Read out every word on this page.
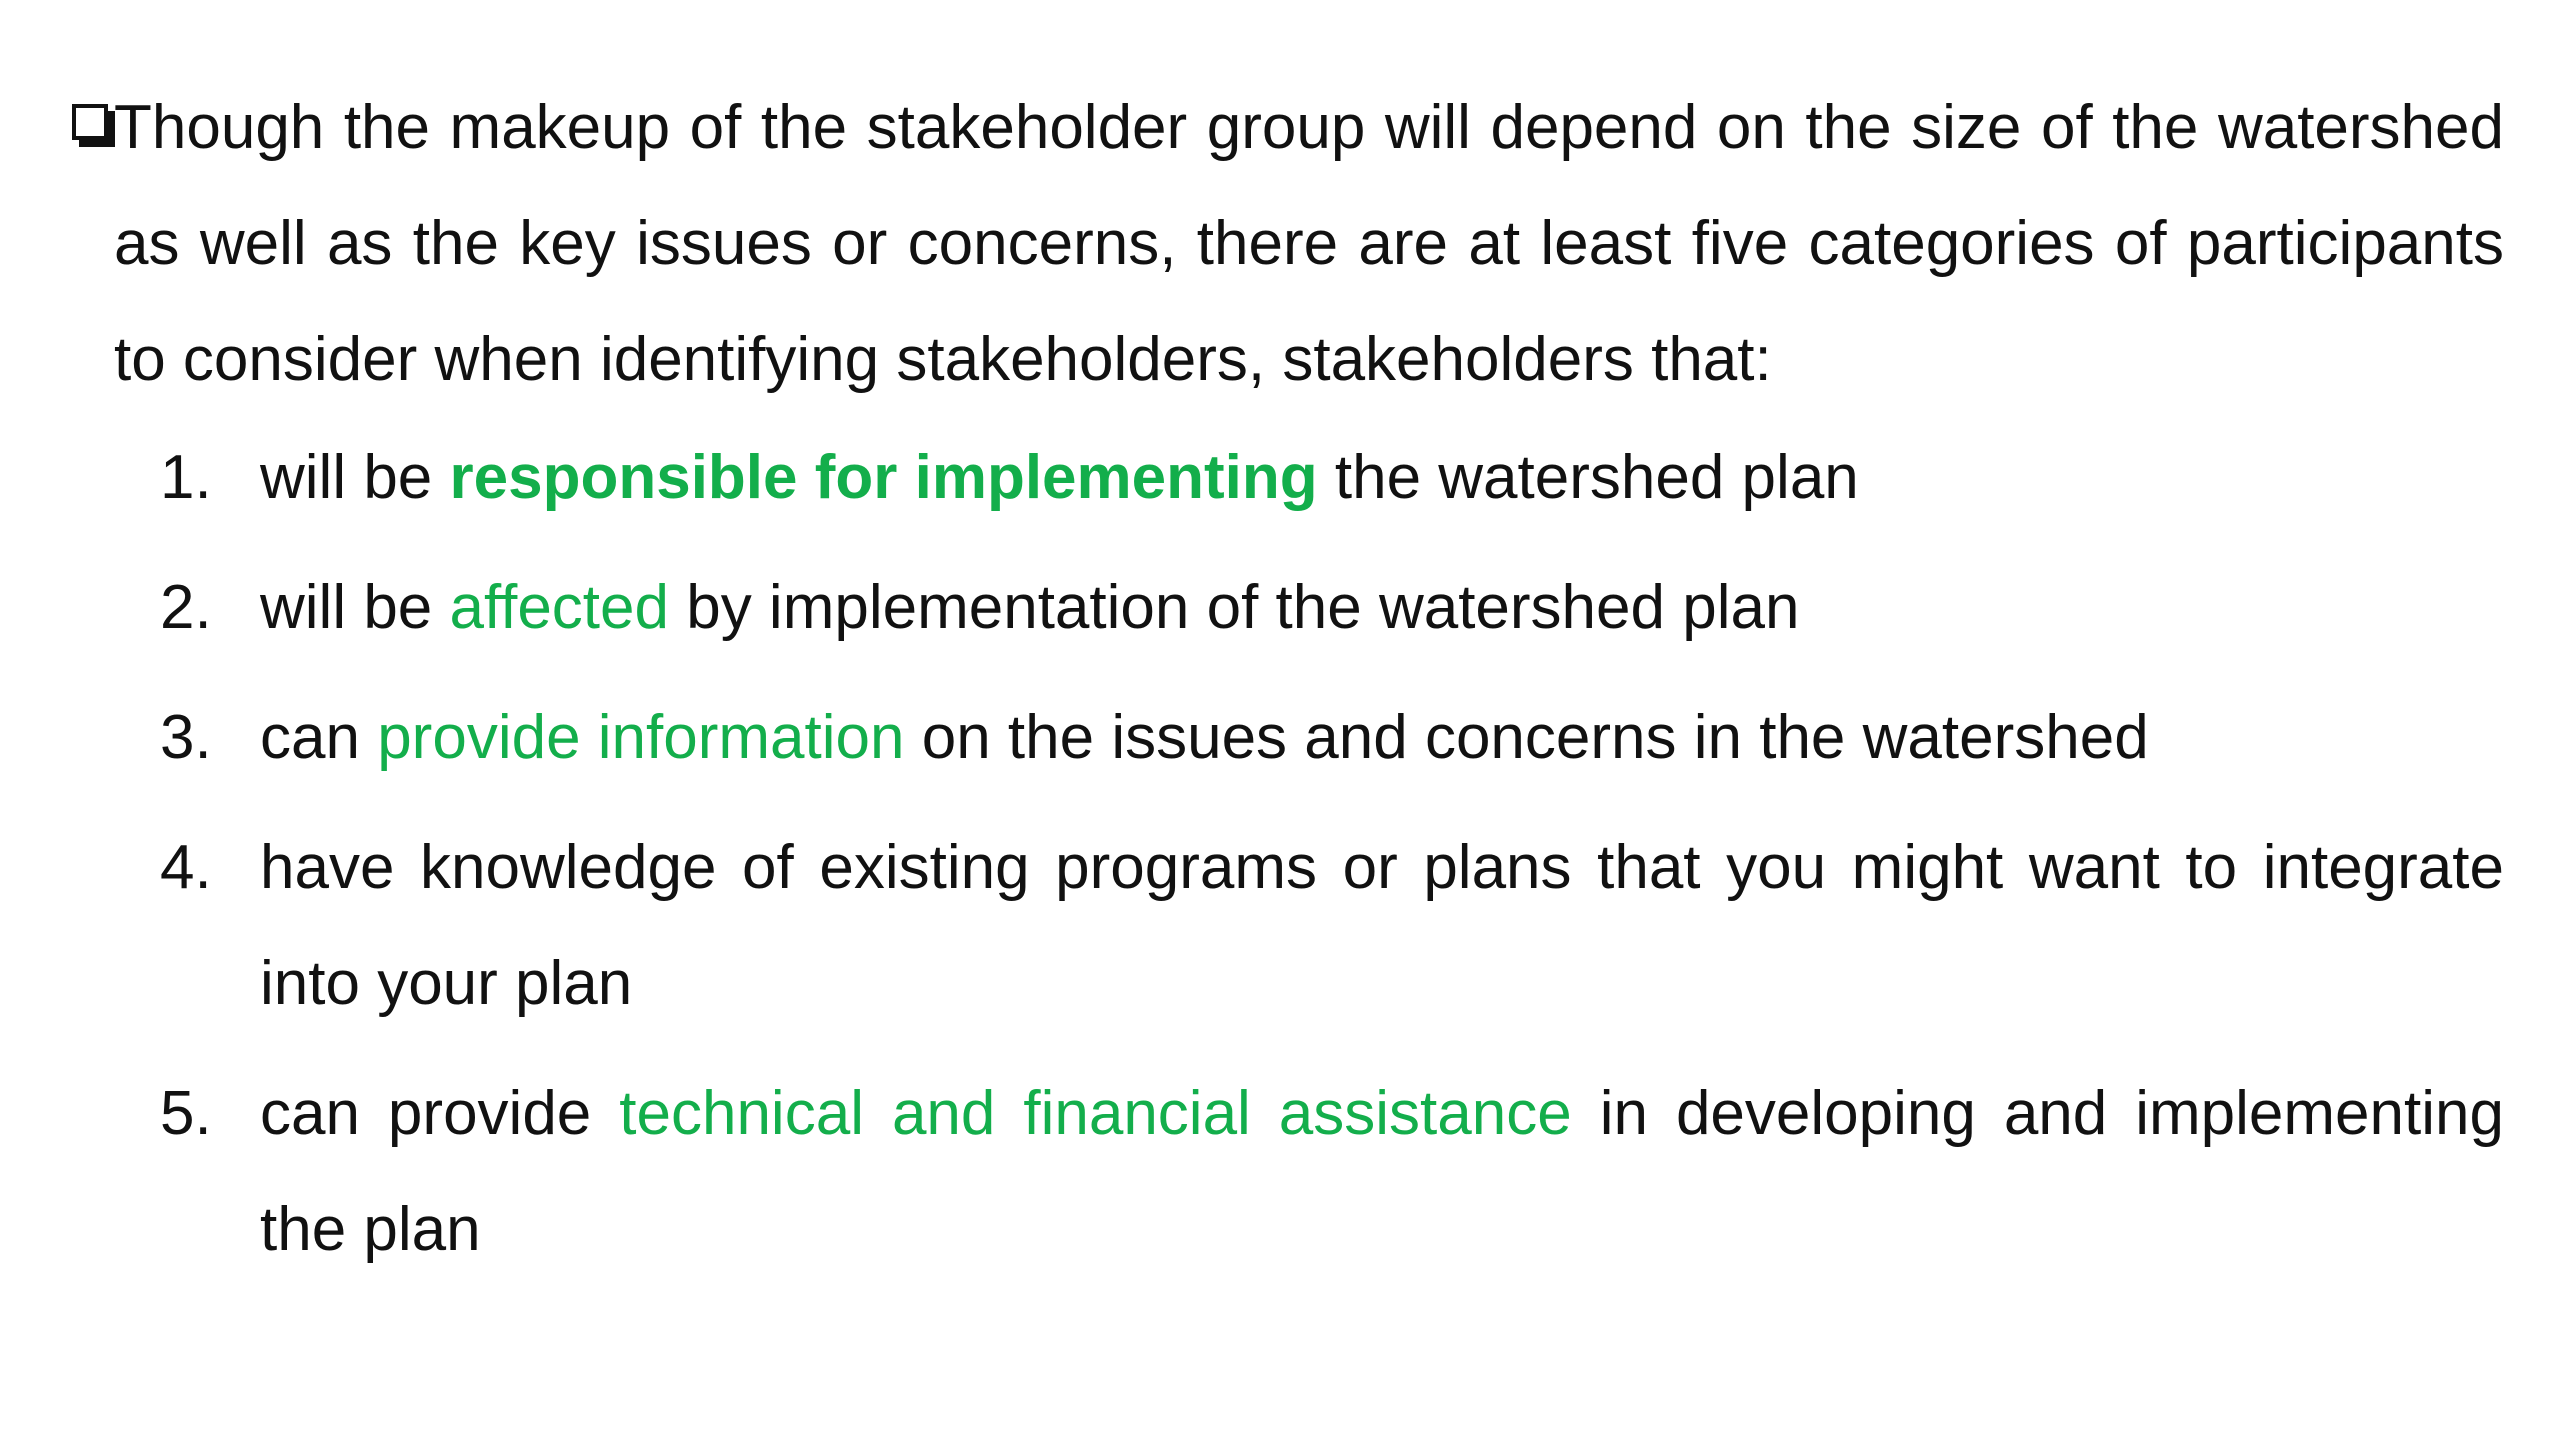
Though the makeup of the stakeholder group will depend on the size of the watershed as well as the key issues or concerns, there are at least five categories of participants to consider when identifying stakeholders, stakeholders that:
1. will be responsible for implementing the watershed plan
2. will be affected by implementation of the watershed plan
3. can provide information on the issues and concerns in the watershed
4. have knowledge of existing programs or plans that you might want to integrate into your plan
5. can provide technical and financial assistance in developing and implementing the plan
